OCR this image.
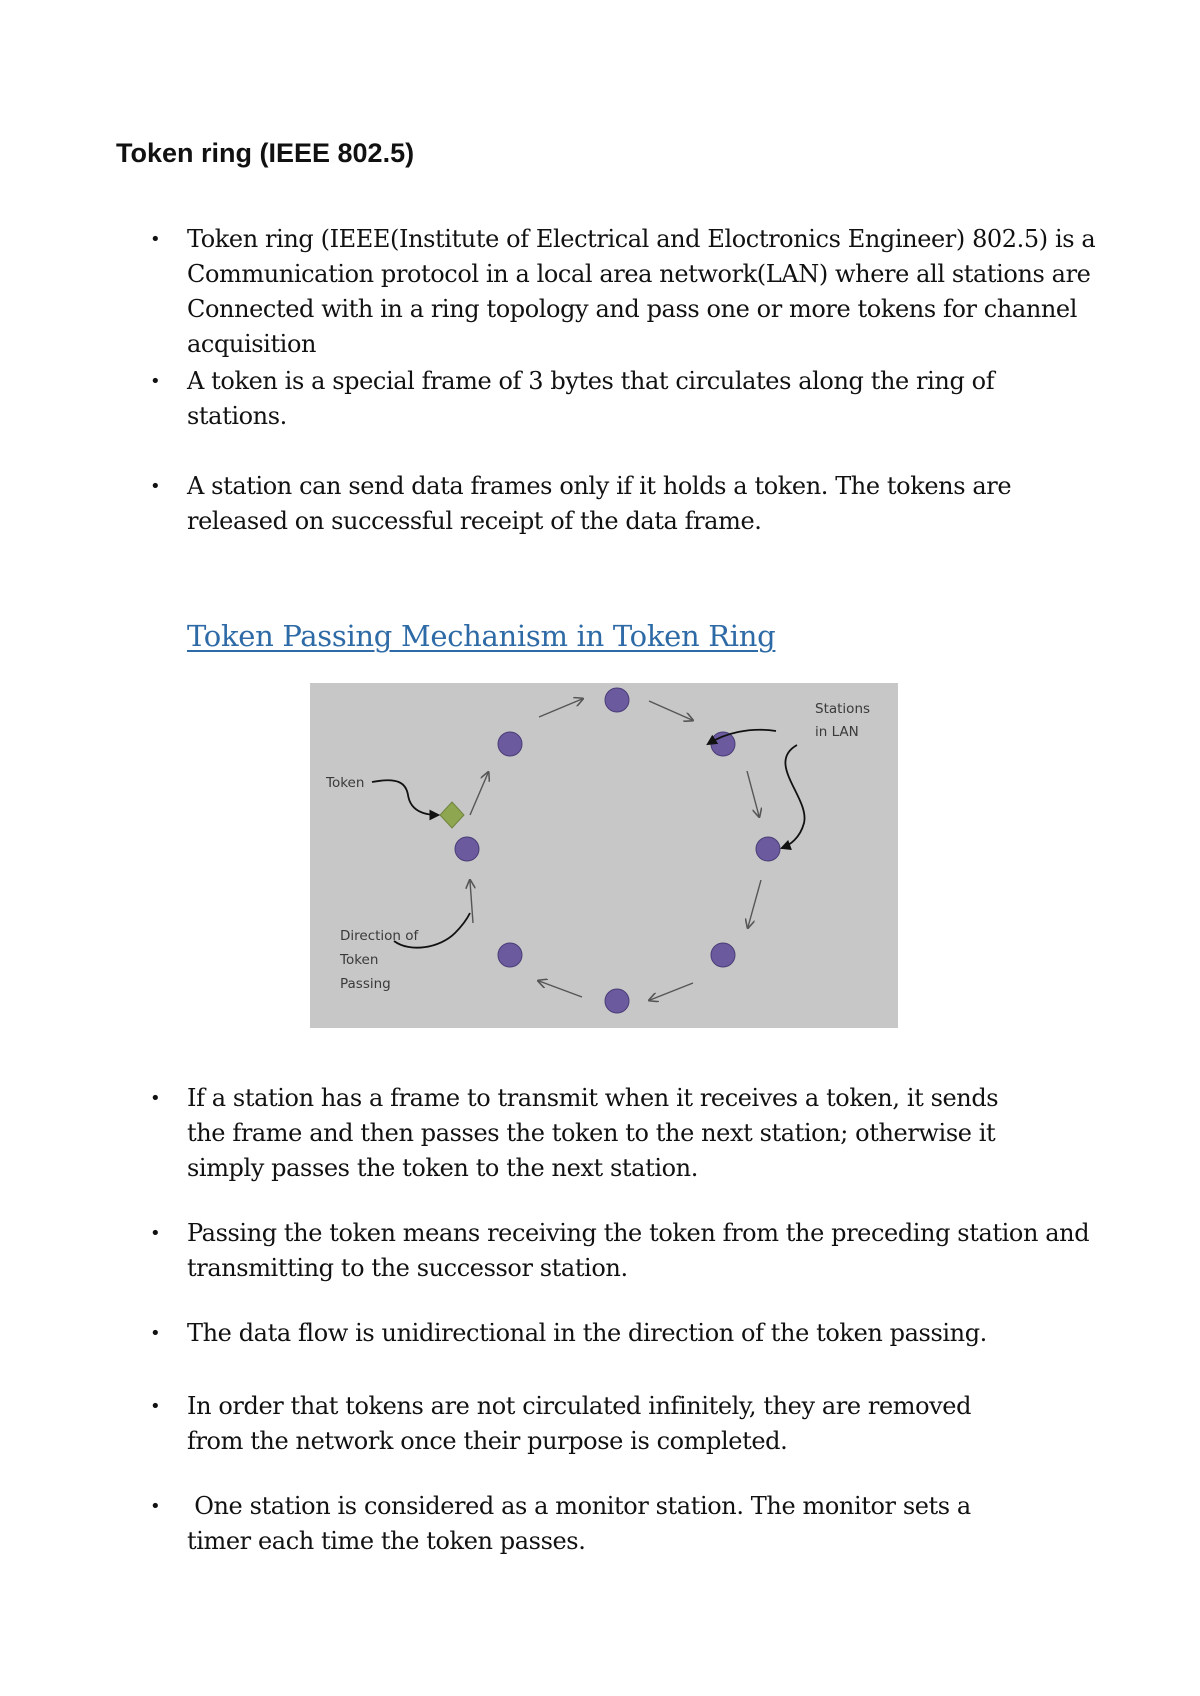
Token ring (IEEE 802.5)
• Token ring (IEEE(Institute of Electrical and Eloctronics Engineer) 802.5) is a
Communication protocol in a local area network(LAN) where all stations are
Connected with in a ring topology and pass one or more tokens for channel
acquisition
• A token is a special frame of 3 bytes that circulates along the ring of
stations.
• A station can send data frames only if it holds a token. The tokens are
released on successful receipt of the data frame.
Token Passing Mechanism in Token Ring
Stations
in LAN
Token
Direction of
Token
Passing
• If a station has a frame to transmit when it receives a token, it sends
the frame and then passes the token to the next station; otherwise it
simply passes the token to the next station.
• Passing the token means receiving the token from the preceding station and
transmitting to the successor station.
• The data flow is unidirectional in the direction of the token passing.
• In order that tokens are not circulated infinitely, they are removed
from the network once their purpose is completed.
• One station is considered as a monitor station. The monitor sets a
timer each time the token passes.
